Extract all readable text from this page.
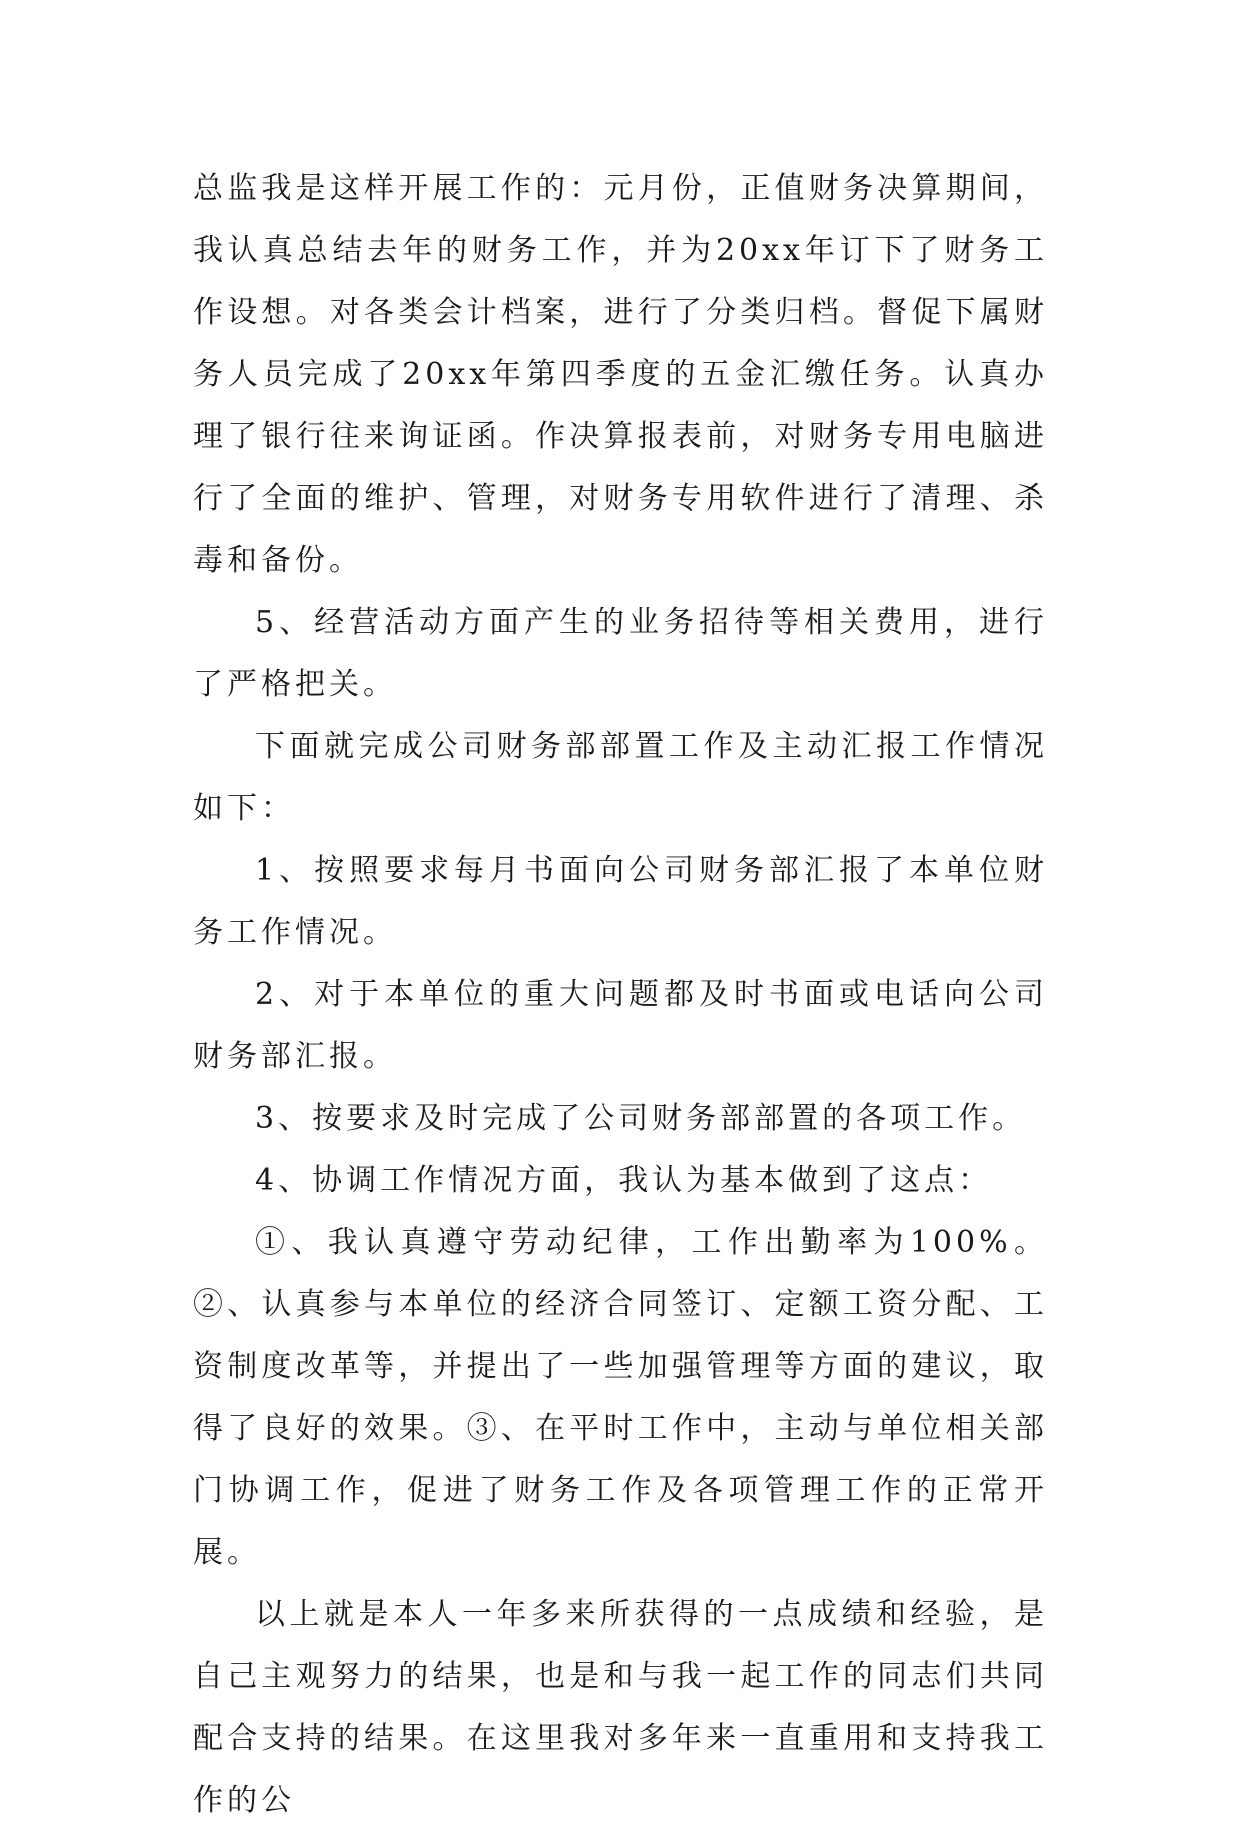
总监我是这样开展工作的：元月份，正值财务决算期间，我认真总结去年的财务工作，并为20xx年订下了财务工作设想。对各类会计档案，进行了分类归档。督促下属财务人员完成了20xx年第四季度的五金汇缴任务。认真办理了银行往来询证函。作决算报表前，对财务专用电脑进行了全面的维护、管理，对财务专用软件进行了清理、杀毒和备份。

5、经营活动方面产生的业务招待等相关费用，进行了严格把关。

下面就完成公司财务部部置工作及主动汇报工作情况如下：

1、按照要求每月书面向公司财务部汇报了本单位财务工作情况。

2、对于本单位的重大问题都及时书面或电话向公司财务部汇报。

3、按要求及时完成了公司财务部部置的各项工作。

4、协调工作情况方面，我认为基本做到了这点：

①、我认真遵守劳动纪律，工作出勤率为100%。 ②、认真参与本单位的经济合同签订、定额工资分配、工资制度改革等，并提出了一些加强管理等方面的建议，取得了良好的效果。③、在平时工作中，主动与单位相关部门协调工作，促进了财务工作及各项管理工作的正常开展。

以上就是本人一年多来所获得的一点成绩和经验，是自己主观努力的结果，也是和与我一起工作的同志们共同配合支持的结果。在这里我对多年来一直重用和支持我工作的公
